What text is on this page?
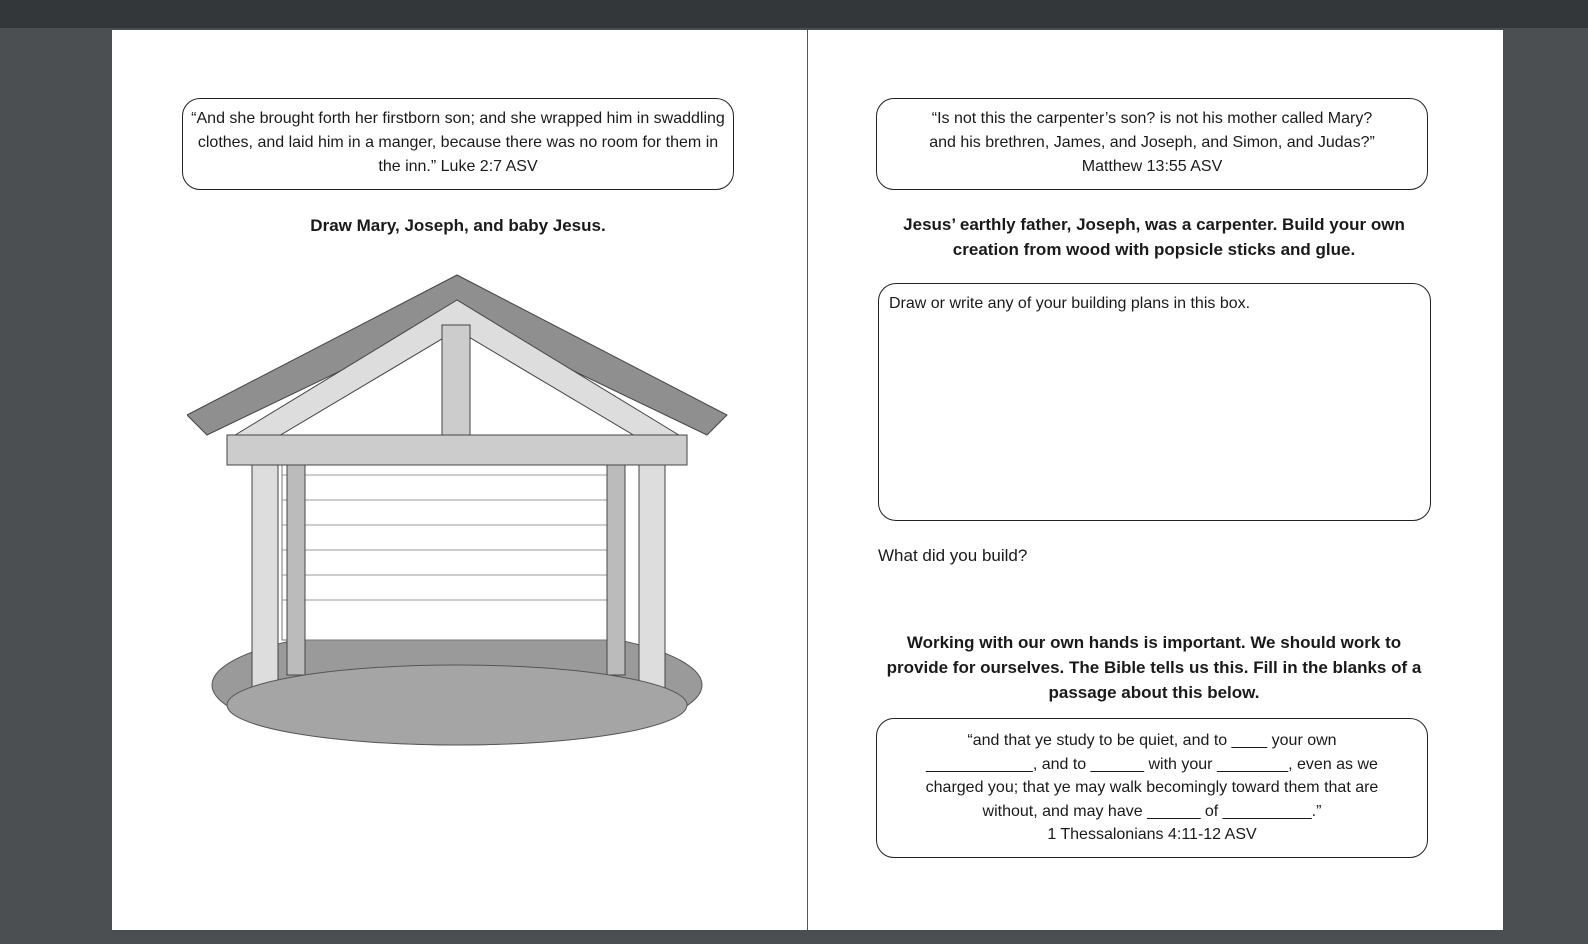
“And she brought forth her firstborn son; and she wrapped him in swaddling clothes, and laid him in a manger, because there was no room for them in the inn.” Luke 2:7 ASV
Draw Mary, Joseph, and baby Jesus.
“Is not this the carpenter’s son? is not his mother called Mary?
and his brethren, James, and Joseph, and Simon, and Judas?”
Matthew 13:55 ASV
Jesus’ earthly father, Joseph, was a carpenter. Build your own creation from wood with popsicle sticks and glue.
Draw or write any of your building plans in this box.
What did you build?
Working with our own hands is important. We should work to provide for ourselves. The Bible tells us this. Fill in the blanks of a passage about this below.
“and that ye study to be quiet, and to ____ your own
____________, and to ______ with your ________, even as we
charged you; that ye may walk becomingly toward them that are
without, and may have ______ of __________.”
1 Thessalonians 4:11-12 ASV
